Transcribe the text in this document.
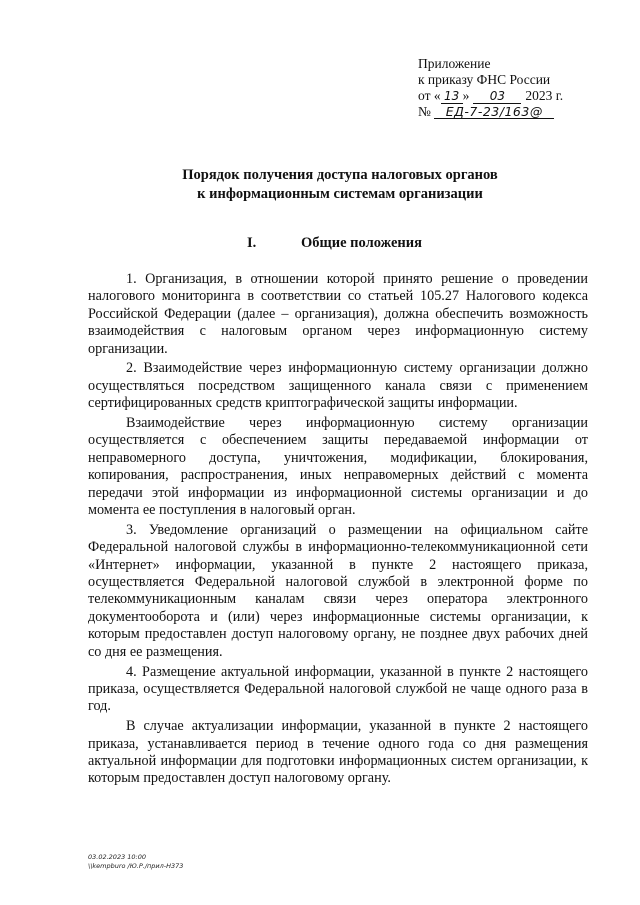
Приложение
к приказу ФНС России
от « 13 » 03 2023 г.
№ ЕД-7-23/163@
Порядок получения доступа налоговых органов
к информационным системам организации
I.	Общие положения

1. Организация, в отношении которой принято решение о проведении налогового мониторинга в соответствии со статьей 105.27 Налогового кодекса Российской Федерации (далее – организация), должна обеспечить возможность взаимодействия с налоговым органом через информационную систему организации.

2. Взаимодействие через информационную систему организации должно осуществляться посредством защищенного канала связи с применением сертифицированных средств криптографической защиты информации.

Взаимодействие через информационную систему организации осуществляется с обеспечением защиты передаваемой информации от неправомерного доступа, уничтожения, модификации, блокирования, копирования, распространения, иных неправомерных действий с момента передачи этой информации из информационной системы организации и до момента ее поступления в налоговый орган.

3. Уведомление организаций о размещении на официальном сайте Федеральной налоговой службы в информационно-телекоммуникационной сети «Интернет» информации, указанной в пункте 2 настоящего приказа, осуществляется Федеральной налоговой службой в электронной форме по телекоммуникационным каналам связи через оператора электронного документооборота и (или) через информационные системы организации, к которым предоставлен доступ налоговому органу, не позднее двух рабочих дней со дня ее размещения.

4. Размещение актуальной информации, указанной в пункте 2 настоящего приказа, осуществляется Федеральной налоговой службой не чаще одного раза в год.

В случае актуализации информации, указанной в пункте 2 настоящего приказа, устанавливается период в течение одного года со дня размещения актуальной информации для подготовки информационных систем организации, к которым предоставлен доступ налоговому органу.

03.02.2023 10:00
\\kempburo /Ю.Р./прил-Н373
